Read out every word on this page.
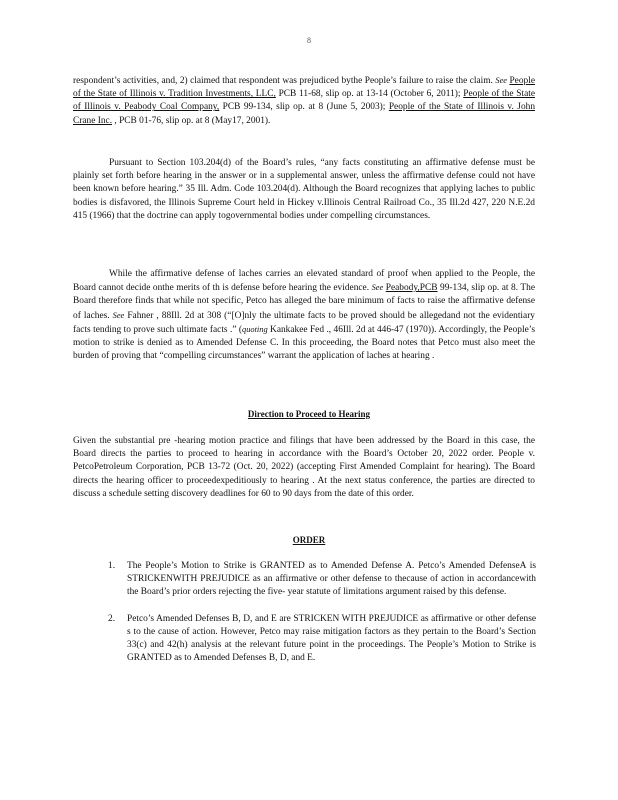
8

respondent’s activities, and, 2) claimed that respondent was prejudiced bythe People’s failure to raise the claim. See People of the State of Illinois v. Tradition Investments, LLC, PCB 11-68, slip op. at 13-14 (October 6, 2011); People of the State of Illinois v. Peabody Coal Company, PCB 99-134, slip op. at 8 (June 5, 2003); People of the State of Illinois v. John Crane Inc. , PCB 01-76, slip op. at 8 (May17, 2001).

Pursuant to Section 103.204(d) of the Board’s rules, “any facts constituting an affirmative defense must be plainly set forth before hearing in the answer or in a supplemental answer, unless the affirmative defense could not have been known before hearing.” 35 Ill. Adm. Code 103.204(d). Although the Board recognizes that applying laches to public bodies is disfavored, the Illinois Supreme Court held in Hickey v.Illinois Central Railroad Co., 35 Ill.2d 427, 220 N.E.2d 415 (1966) that the doctrine can apply togovernmental bodies under compelling circumstances.

While the affirmative defense of laches carries an elevated standard of proof when applied to the People, the Board cannot decide onthe merits of th is defense before hearing the evidence. See Peabody,PCB 99-134, slip op. at 8. The Board therefore finds that while not specific, Petco has alleged the bare minimum of facts to raise the affirmative defense of laches. See Fahner , 88Ill. 2d at 308 (“[O]nly the ultimate facts to be proved should be allegedand not the evidentiary facts tending to prove such ultimate facts .” (quoting Kankakee Fed ., 46Ill. 2d at 446-47 (1970)). Accordingly, the People’s motion to strike is denied as to Amended Defense C. In this proceeding, the Board notes that Petco must also meet the burden of proving that “compelling circumstances” warrant the application of laches at hearing .

Direction to Proceed to Hearing

Given the substantial pre -hearing motion practice and filings that have been addressed by the Board in this case, the Board directs the parties to proceed to hearing in accordance with the Board’s October 20, 2022 order. People v. PetcoPetroleum Corporation, PCB 13-72 (Oct. 20, 2022) (accepting First Amended Complaint for hearing). The Board directs the hearing officer to proceedexpeditiously to hearing . At the next status conference, the parties are directed to discuss a schedule setting discovery deadlines for 60 to 90 days from the date of this order.

ORDER

1. The People’s Motion to Strike is GRANTED as to Amended Defense A. Petco’s Amended DefenseA is STRICKENWITH PREJUDICE as an affirmative or other defense to thecause of action in accordancewith the Board’s prior orders rejecting the five- year statute of limitations argument raised by this defense.
2. Petco’s Amended Defenses B, D, and E are STRICKEN WITH PREJUDICE as affirmative or other defense s to the cause of action. However, Petco may raise mitigation factors as they pertain to the Board’s Section 33(c) and 42(h) analysis at the relevant future point in the proceedings. The People’s Motion to Strike is GRANTED as to Amended Defenses B, D, and E.
